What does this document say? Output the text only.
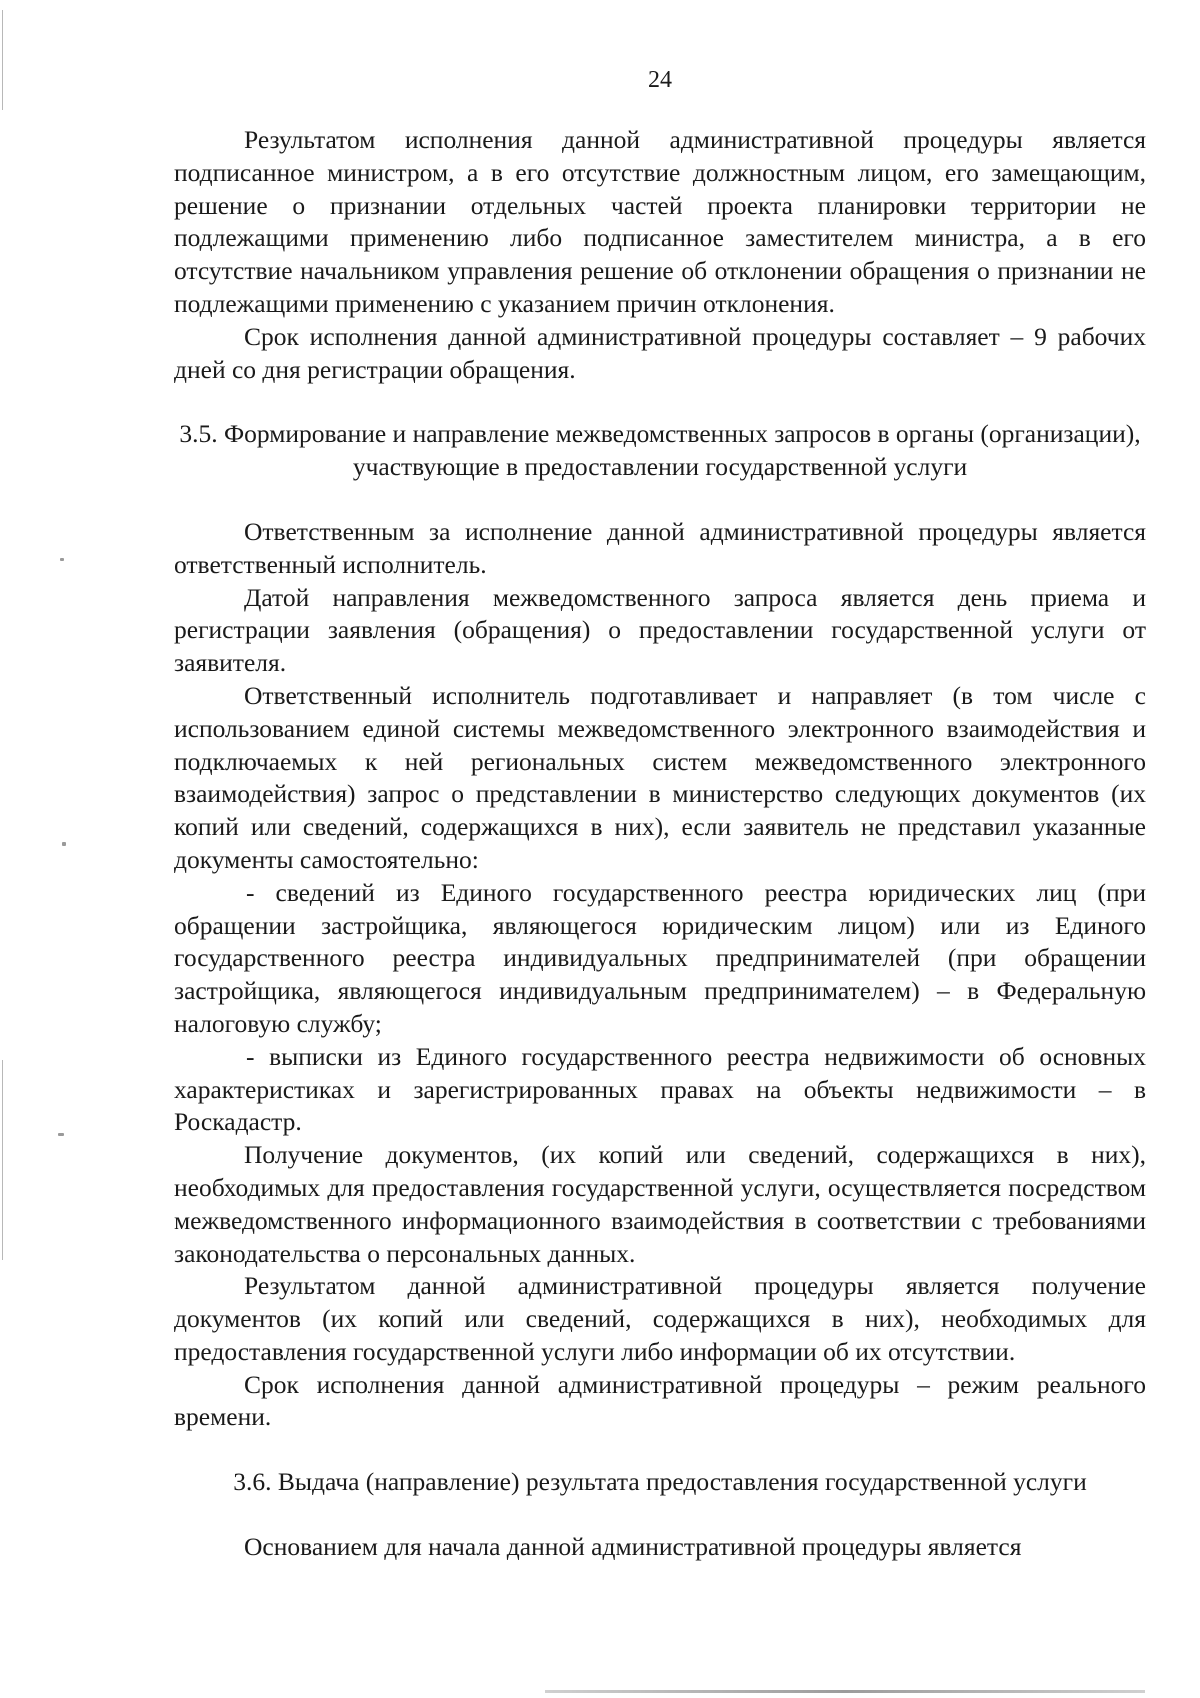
24

Результатом исполнения данной административной процедуры является подписанное министром, а в его отсутствие должностным лицом, его замещающим, решение о признании отдельных частей проекта планировки территории не подлежащими применению либо подписанное заместителем министра, а в его отсутствие начальником управления решение об отклонении обращения о признании не подлежащими применению с указанием причин отклонения.

Срок исполнения данной административной процедуры составляет – 9 рабочих дней со дня регистрации обращения.

3.5. Формирование и направление межведомственных запросов в органы (организации), участвующие в предоставлении государственной услуги

Ответственным за исполнение данной административной процедуры является ответственный исполнитель.

Датой направления межведомственного запроса является день приема и регистрации заявления (обращения) о предоставлении государственной услуги от заявителя.

Ответственный исполнитель подготавливает и направляет (в том числе с использованием единой системы межведомственного электронного взаимодействия и подключаемых к ней региональных систем межведомственного электронного взаимодействия) запрос о представлении в министерство следующих документов (их копий или сведений, содержащихся в них), если заявитель не представил указанные документы самостоятельно:

- сведений из Единого государственного реестра юридических лиц (при обращении застройщика, являющегося юридическим лицом) или из Единого государственного реестра индивидуальных предпринимателей (при обращении застройщика, являющегося индивидуальным предпринимателем) – в Федеральную налоговую службу;

- выписки из Единого государственного реестра недвижимости об основных характеристиках и зарегистрированных правах на объекты недвижимости – в Роскадастр.

Получение документов, (их копий или сведений, содержащихся в них), необходимых для предоставления государственной услуги, осуществляется посредством межведомственного информационного взаимодействия в соответствии с требованиями законодательства о персональных данных.

Результатом данной административной процедуры является получение документов (их копий или сведений, содержащихся в них), необходимых для предоставления государственной услуги либо информации об их отсутствии.

Срок исполнения данной административной процедуры – режим реального времени.

3.6. Выдача (направление) результата предоставления государственной услуги

Основанием для начала данной административной процедуры является
